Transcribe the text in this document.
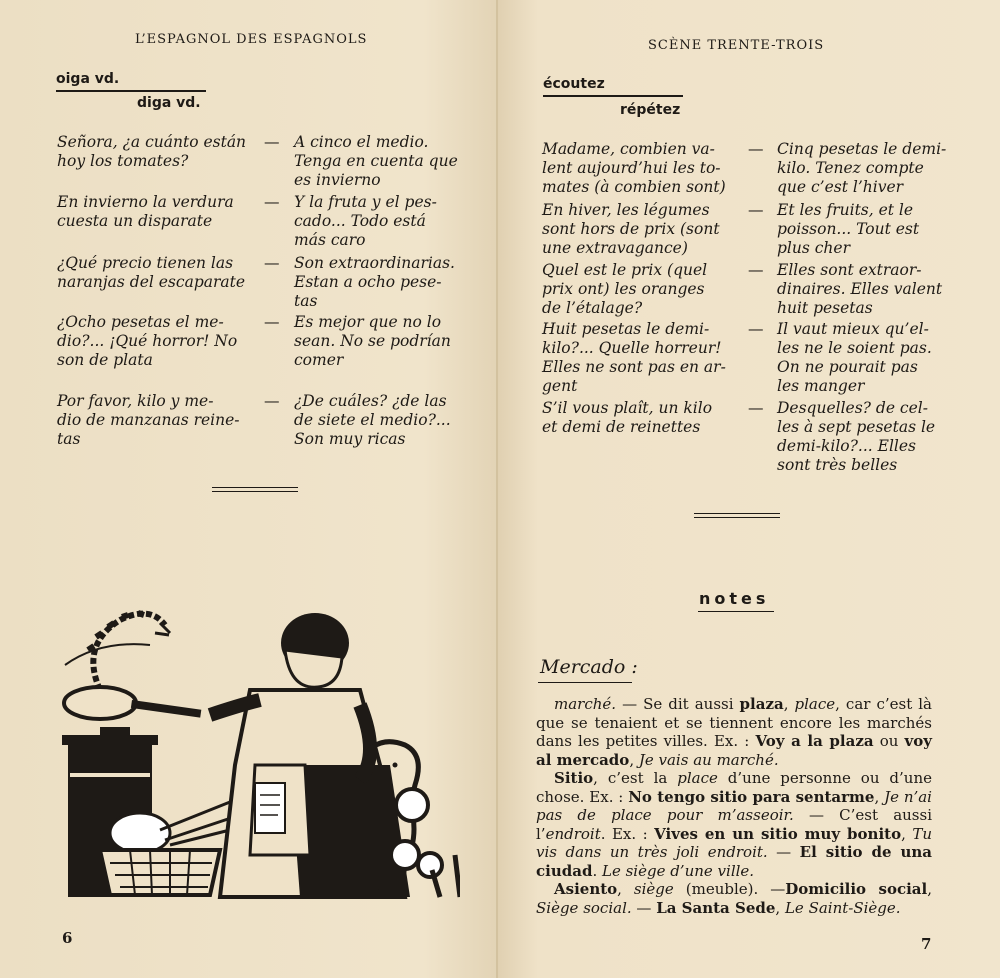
L’ESPAGNOL DES ESPAGNOLS
oiga vd.
diga vd.
Señora, ¿a cuánto están
hoy los tomates?
— A cinco el medio.
Tenga en cuenta que
es invierno
En invierno la verdura
cuesta un disparate
— Y la fruta y el pes-
cado... Todo está
más caro
¿Qué precio tienen las
naranjas del escaparate
— Son extraordinarias.
Estan a ocho pese-
tas
¿Ocho pesetas el me-
dio?... ¡Qué horror! No
son de plata
— Es mejor que no lo
sean. No se podrían
comer
Por favor, kilo y me-
dio de manzanas reine-
tas
— ¿De cuáles? ¿de las
de siete el medio?...
Son muy ricas
6
SCÈNE TRENTE-TROIS
écoutez
répétez
Madame, combien va-
lent aujourd’hui les to-
mates (à combien sont)
— Cinq pesetas le demi-
kilo. Tenez compte
que c’est l’hiver
En hiver, les légumes
sont hors de prix (sont
une extravagance)
— Et les fruits, et le
poisson... Tout est
plus cher
Quel est le prix (quel
prix ont) les oranges
de l’étalage?
— Elles sont extraor-
dinaires. Elles valent
huit pesetas
Huit pesetas le demi-
kilo?... Quelle horreur!
Elles ne sont pas en ar-
gent
— Il vaut mieux qu’el-
les ne le soient pas.
On ne pourait pas
les manger
S’il vous plaît, un kilo
et demi de reinettes
— Desquelles? de cel-
les à sept pesetas le
demi-kilo?... Elles
sont très belles
notes
Mercado :

marché. — Se dit aussi plaza, place, car c’est là que se tenaient et se tiennent encore les marchés dans les petites villes. Ex. : Voy a la plaza ou voy al mercado, Je vais au marché.

Sitio, c’est la place d’une personne ou d’une chose. Ex. : No tengo sitio para sentarme, Je n’ai pas de place pour m’asseoir. — C’est aussi l’endroit. Ex. : Vives en un sitio muy bonito, Tu vis dans un très joli endroit. — El sitio de una ciudad. Le siège d’une ville.

Asiento, siège (meuble). —Domicilio social, Siège social. — La Santa Sede, Le Saint-Siège.

7
